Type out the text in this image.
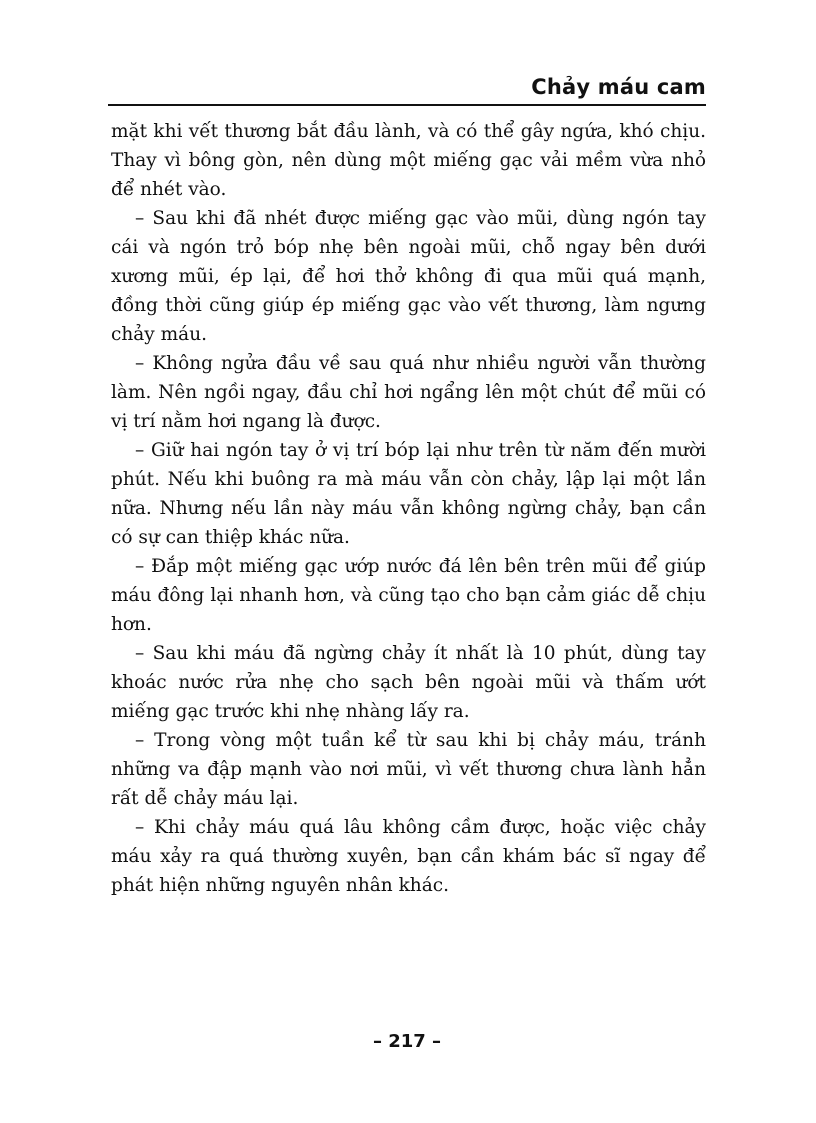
Chảy máu cam

mặt khi vết thương bắt đầu lành, và có thể gây ngứa, khó chịu. Thay vì bông gòn, nên dùng một miếng gạc vải mềm vừa nhỏ để nhét vào.

– Sau khi đã nhét được miếng gạc vào mũi, dùng ngón tay cái và ngón trỏ bóp nhẹ bên ngoài mũi, chỗ ngay bên dưới xương mũi, ép lại, để hơi thở không đi qua mũi quá mạnh, đồng thời cũng giúp ép miếng gạc vào vết thương, làm ngưng chảy máu.

– Không ngửa đầu về sau quá như nhiều người vẫn thường làm. Nên ngồi ngay, đầu chỉ hơi ngẩng lên một chút để mũi có vị trí nằm hơi ngang là được.

– Giữ hai ngón tay ở vị trí bóp lại như trên từ năm đến mười phút. Nếu khi buông ra mà máu vẫn còn chảy, lập lại một lần nữa. Nhưng nếu lần này máu vẫn không ngừng chảy, bạn cần có sự can thiệp khác nữa.

– Đắp một miếng gạc ướp nước đá lên bên trên mũi để giúp máu đông lại nhanh hơn, và cũng tạo cho bạn cảm giác dễ chịu hơn.

– Sau khi máu đã ngừng chảy ít nhất là 10 phút, dùng tay khoác nước rửa nhẹ cho sạch bên ngoài mũi và thấm ướt miếng gạc trước khi nhẹ nhàng lấy ra.

– Trong vòng một tuần kể từ sau khi bị chảy máu, tránh những va đập mạnh vào nơi mũi, vì vết thương chưa lành hẳn rất dễ chảy máu lại.

– Khi chảy máu quá lâu không cầm được, hoặc việc chảy máu xảy ra quá thường xuyên, bạn cần khám bác sĩ ngay để phát hiện những nguyên nhân khác.

– 217 –
